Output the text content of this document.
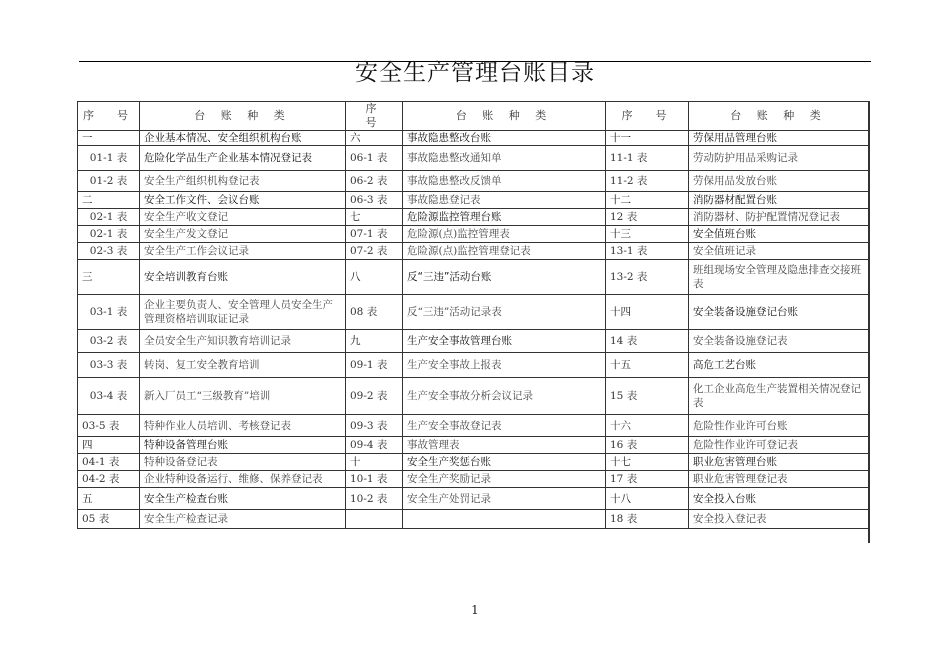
安全生产管理台账目录
序　号	台 账 种 类	序　号	台 账 种 类	序　号	台 账 种 类
一	企业基本情况、安全组织机构台账	六	事故隐患整改台账	十一	劳保用品管理台账
01-1 表	危险化学品生产企业基本情况登记表	06-1 表	事故隐患整改通知单	11-1 表	劳动防护用品采购记录
01-2 表	安全生产组织机构登记表	06-2 表	事故隐患整改反馈单	11-2 表	劳保用品发放台账
二	安全工作文件、会议台账	06-3 表	事故隐患登记表	十二	消防器材配置台账
02-1 表	安全生产收文登记	七	危险源监控管理台账	12 表	消防器材、防护配置情况登记表
02-1 表	安全生产发文登记	07-1 表	危险源(点)监控管理表	十三	安全值班台账
02-3 表	安全生产工作会议记录	07-2 表	危险源(点)监控管理登记表	13-1 表	安全值班记录
三	安全培训教育台账	八	反“三违”活动台账	13-2 表	班组现场安全管理及隐患排查交接班表
03-1 表	企业主要负责人、安全管理人员安全生产管理资格培训取证记录	08 表	反“三违”活动记录表	十四	安全装备设施登记台账
03-2 表	全员安全生产知识教育培训记录	九	生产安全事故管理台账	14 表	安全装备设施登记表
03-3 表	转岗、复工安全教育培训	09-1 表	生产安全事故上报表	十五	高危工艺台账
03-4 表	新入厂员工“三级教育”培训	09-2 表	生产安全事故分析会议记录	15 表	化工企业高危生产装置相关情况登记表
03-5 表	特种作业人员培训、考核登记表	09-3 表	生产安全事故登记表	十六	危险性作业许可台账
四	特种设备管理台账	09-4 表	事故管理表	16 表	危险性作业许可登记表
04-1 表	特种设备登记表	十	安全生产奖惩台账	十七	职业危害管理台账
04-2 表	企业特种设备运行、维修、保养登记表	10-1 表	安全生产奖励记录	17 表	职业危害管理登记表
五	安全生产检查台账	10-2 表	安全生产处罚记录	十八	安全投入台账
05 表	安全生产检查记录			18 表	安全投入登记表
1
